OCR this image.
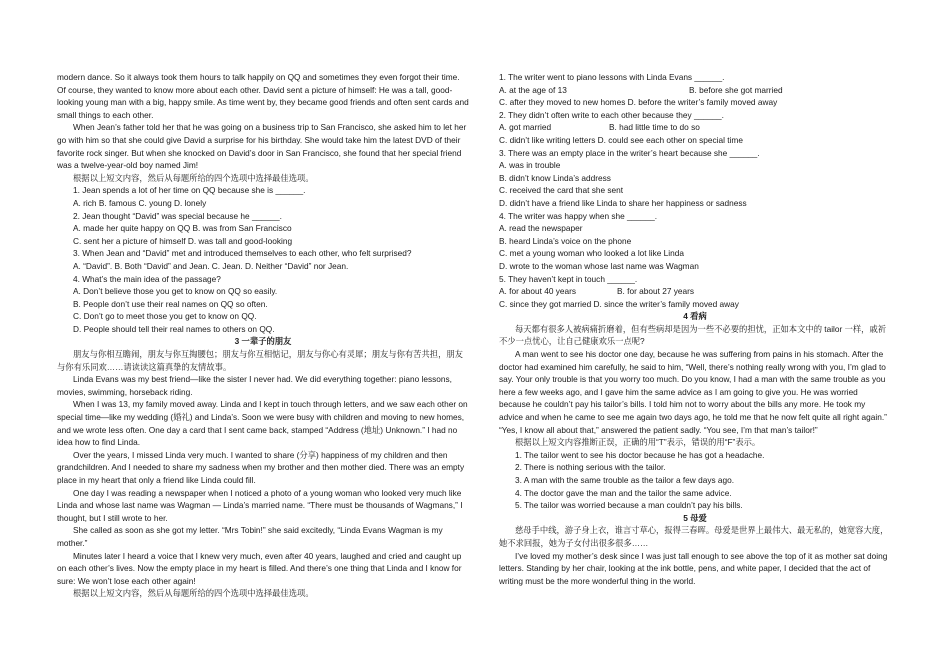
modern dance. So it always took them hours to talk happily on QQ and sometimes they even forgot their time. Of course, they wanted to know more about each other. David sent a picture of himself: He was a tall, good-looking young man with a big, happy smile. As time went by, they became good friends and often sent cards and small things to each other.
When Jean’s father told her that he was going on a business trip to San Francisco, she asked him to let her go with him so that she could give David a surprise for his birthday. She would take him the latest DVD of their favorite rock singer. But when she knocked on David’s door in San Francisco, she found that her special friend was a twelve-year-old boy named Jim!
根据以上短文内容，然后从每题所给的四个选项中选择最佳选项。
1. Jean spends a lot of her time on QQ because she is ______.
A. rich B. famous C. young D. lonely
2. Jean thought “David” was special because he ______.
A. made her quite happy on QQ B. was from San Francisco
C. sent her a picture of himself D. was tall and good-looking
3. When Jean and “David” met and introduced themselves to each other, who felt surprised?
A. “David”. B. Both “David” and Jean. C. Jean. D. Neither “David” nor Jean.
4. What’s the main idea of the passage?
A. Don’t believe those you get to know on QQ so easily.
B. People don’t use their real names on QQ so often.
C. Don’t go to meet those you get to know on QQ.
D. People should tell their real names to others on QQ.
3 一辈子的朋友
朋友与你相互瞻闹，朋友与你互掏腰包；朋友与你互相惦记，朋友与你心有灵犀；朋友与你有苦共担，朋友与你有乐同欢……请读读这篇真挚的友情故事。
Linda Evans was my best friend—like the sister I never had. We did everything together: piano lessons, movies, swimming, horseback riding.
When I was 13, my family moved away. Linda and I kept in touch through letters, and we saw each other on special time—like my wedding (婚礼) and Linda’s. Soon we were busy with children and moving to new homes, and we wrote less often. One day a card that I sent came back, stamped “Address (地址) Unknown.” I had no idea how to find Linda.
Over the years, I missed Linda very much. I wanted to share (分享) happiness of my children and then grandchildren. And I needed to share my sadness when my brother and then mother died. There was an empty place in my heart that only a friend like Linda could fill.
One day I was reading a newspaper when I noticed a photo of a young woman who looked very much like Linda and whose last name was Wagman — Linda’s married name. “There must be thousands of Wagmans,” I thought, but I still wrote to her.
She called as soon as she got my letter. “Mrs Tobin!” she said excitedly, “Linda Evans Wagman is my mother.”
Minutes later I heard a voice that I knew very much, even after 40 years, laughed and cried and caught up on each other’s lives. Now the empty place in my heart is filled. And there’s one thing that Linda and I know for sure: We won’t lose each other again!
根据以上短文内容，然后从每题所给的四个选项中选择最佳选项。
1. The writer went to piano lessons with Linda Evans ______.
A. at the age of 13	B. before she got married
C. after they moved to new homes D. before the writer’s family moved away
2. They didn’t often write to each other because they ______.
A. got married	B. had little time to do so
C. didn’t like writing letters D. could see each other on special time
3. There was an empty place in the writer’s heart because she ______.
A. was in trouble
B. didn’t know Linda’s address
C. received the card that she sent
D. didn’t have a friend like Linda to share her happiness or sadness
4. The writer was happy when she ______.
A. read the newspaper
B. heard Linda’s voice on the phone
C. met a young woman who looked a lot like Linda
D. wrote to the woman whose last name was Wagman
5. They haven’t kept in touch ______.
A. for about 40 years	B. for about 27 years
C. since they got married D. since the writer’s family moved away
4 看病
每天都有很多人被病痛折磨着，但有些病却是因为一些不必要的担忧，正如本文中的 tailor 一样，戚祈不少一点忧心，让自己健康欢乐一点呢?
A man went to see his doctor one day, because he was suffering from pains in his stomach. After the doctor had examined him carefully, he said to him, “Well, there’s nothing really wrong with you, I’m glad to say. Your only trouble is that you worry too much. Do you know, I had a man with the same trouble as you here a few weeks ago, and I gave him the same advice as I am going to give you. He was worried because he couldn’t pay his tailor’s bills. I told him not to worry about the bills any more. He took my advice and when he came to see me again two days ago, he told me that he now felt quite all right again.” “Yes, I know all about that,” answered the patient sadly. “You see, I’m that man’s tailor!”
根据以上短文内容推断正误，正确的用“T”表示，错误的用“F”表示。
1. The tailor went to see his doctor because he has got a headache.
2. There is nothing serious with the tailor.
3. A man with the same trouble as the tailor a few days ago.
4. The doctor gave the man and the tailor the same advice.
5. The tailor was worried because a man couldn’t pay his bills.
5 母爱
慈母手中线，游子身上衣，谁言寸草心，报得三春晖。母爱是世界上最伟大、最无私的，她宽容大度，她不求回报，她为子女付出很多很多……
I’ve loved my mother’s desk since I was just tall enough to see above the top of it as mother sat doing letters. Standing by her chair, looking at the ink bottle, pens, and white paper, I decided that the act of writing must be the more wonderful thing in the world.
